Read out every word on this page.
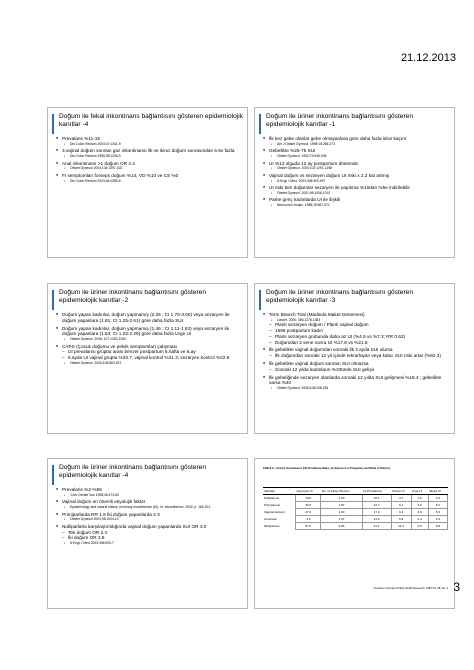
21.12.2013
Doğum ile fekal inkontinans bağlantısını gösteren epidemiolojik kanıtlar -4
■ Prevalans %11-15
▪ Dis Colon Rectum 2004;47:1341-9
■ 3.vajinal doğum sonrası gaz inkontinansı ilk ve ikinci doğum sonrasından 6.6x fazla
▪ Dis Colon Rectum 1995;38:1206-9
■ Anal inkontinans >1 doğum OR 2.4
▪ Obstet Gynecol 2004;104:1397-402
■ FI semptomları forseps doğum %14, VD %10 ve CS %0
▪ Dis Colon Rectum 2003;46:1085-8
Doğum ile üriner inkontinans bağlantısını gösteren epidemiolojik kanıtlar -1
■ İlk kez gebe olanlar gebe olmayanlara göre daha fazla idrar kaçırır
▪ Am J Obstet Gynecol. 1998;18:266-273
■ Gebelikte %25-75 SUI
▪ Obstet Gynecol. 1992;79:945-949
■ UI %13 olguda 12 ay postpartum dönemde
▪ Obstet Gynecol. 2000;102:1291-1298
■ Vajinal doğum vs sezaryen doğum UI riski x 2.2 kat artmış
▪ N Engl J Med. 2003;348:900-907
■ UI riski tüm doğumlar sezaryen ile yapılırsa %10dan %5e indirilebilir
▪ Obstet Gynecol. 2001;98:1006-1010
■ Parite genç kadınlarda UI ile ilişkili
▪ Neurourol Urodyn. 1988;18:567-571
Doğum ile üriner inkontinans bağlantısını gösteren epidemiolojik kanıtlar -2
■ Doğum yapan kadınlar, doğum yapmamış (2.26 ; CI 1.70-3.00) veya sezaryen ile doğum yapanlara (1.81; CI 1.25-2.61) göre daha fazla SUI
■ Doğum yapan kadınlar, doğum yapmamış (1.46 ; CI 1.11-1.93) veya sezaryen ile doğum yapanlara (1.53; CI 1.02-2.29) göre daha fazla Urge UI
▪ Obstet Gynecol. 2006; 107:1253-1260
■ CAPS (Çocuk doğumu ve pelvik semptomlar) çalışması
– UI prevalansı gruplar arası benzer postpartum 6.hafta ve 6.ay
– 6.ayda UI vajinal grupta %33.7, vajinal kontrol %31.3; sezaryen kontrol %22.9
▪ Obstet Gynecol. 2006;108:863-872
Doğum ile üriner inkontinans bağlantısını gösteren epidemiolojik kanıtlar -3
■ Term Breech Trial (Madinda Maket Denemesi)
▪ Lancet. 2000; 356:1375-1383
– Planlı sezaryen doğum / Planlı vajinal doğum
– 1596 postpartum kadın
– Planlı sezaryen grubunda daha az UI (%4.5 vs %7.3; RR 0.62)
– Doğumdan 2 sene sonra UI %17.8 vs %21.8
■ İlk gebelikte vajinal doğumdan sonraki ilk 3 ayda SUI olursa
– İlk doğumdan sonraki 12 yıl içinde tekrarlayan veya kalıcı SUI riski artar (%92.3)
■ İlk gebelikte vajinal doğum sonrası SUI olmazsa
– Sonraki 12 yılda kadınların %33ünde SUI gelişir
■ İlk gebeliğinde sezaryen olanlarda sonraki 12 yılda SUI gelişmesi %19.4 ; gebelikte varsa %40
▪ Obstet Gynecol. 2006;108:248-254
Doğum ile üriner inkontinans bağlantısını gösteren epidemiolojik kanıtlar -4
■ Prevalans %2-%55
▪ J Am Geriatr Soc 1998;46:473-80
■ Vajinal doğum en önemli etiyolojik faktör
▪ Epidemiology and natural history of urinary incontinence (UI). In: Incontinence. 2002: p. 165-201
■ Primiparlarda RR 1.9 İki doğum yapanlarda 2.3
▪ Obstet Gynecol 2001;98:1004-10
■ Nulliparlarla karşılaştırıldığında vajinal doğum yapanlarda SUI OR 3.0
– Tek doğum OR 2.3
– İki doğum OR 2.8
▪ N Engl J Med 2003;348:900-7
TABLE 2—Urinary Incontinence (UI) Prevalence Rates, by Exposure to Pregnancy and Mode of Delivery
Variable	Exposure %	No. of Parity Women	UI Prevalence	Stress UI	Urge UI	Mixed UI
Nulliparous	100	1.00	10.1	4.7	1.6	3.4
Primiparous	32.5	1.87	16.7	9.1	2.0	5.2
Vaginal delivery	27.6	1.90	17.0	9.4	2.0	5.3
Cesarean	4.9	1.57	14.5	6.9	2.4	4.9
Multiparous	67.5	2.95	21.1	11.2	2.8	6.8
American Journal of Public Health Research, 1998 Vol. 88, No. 4 3
